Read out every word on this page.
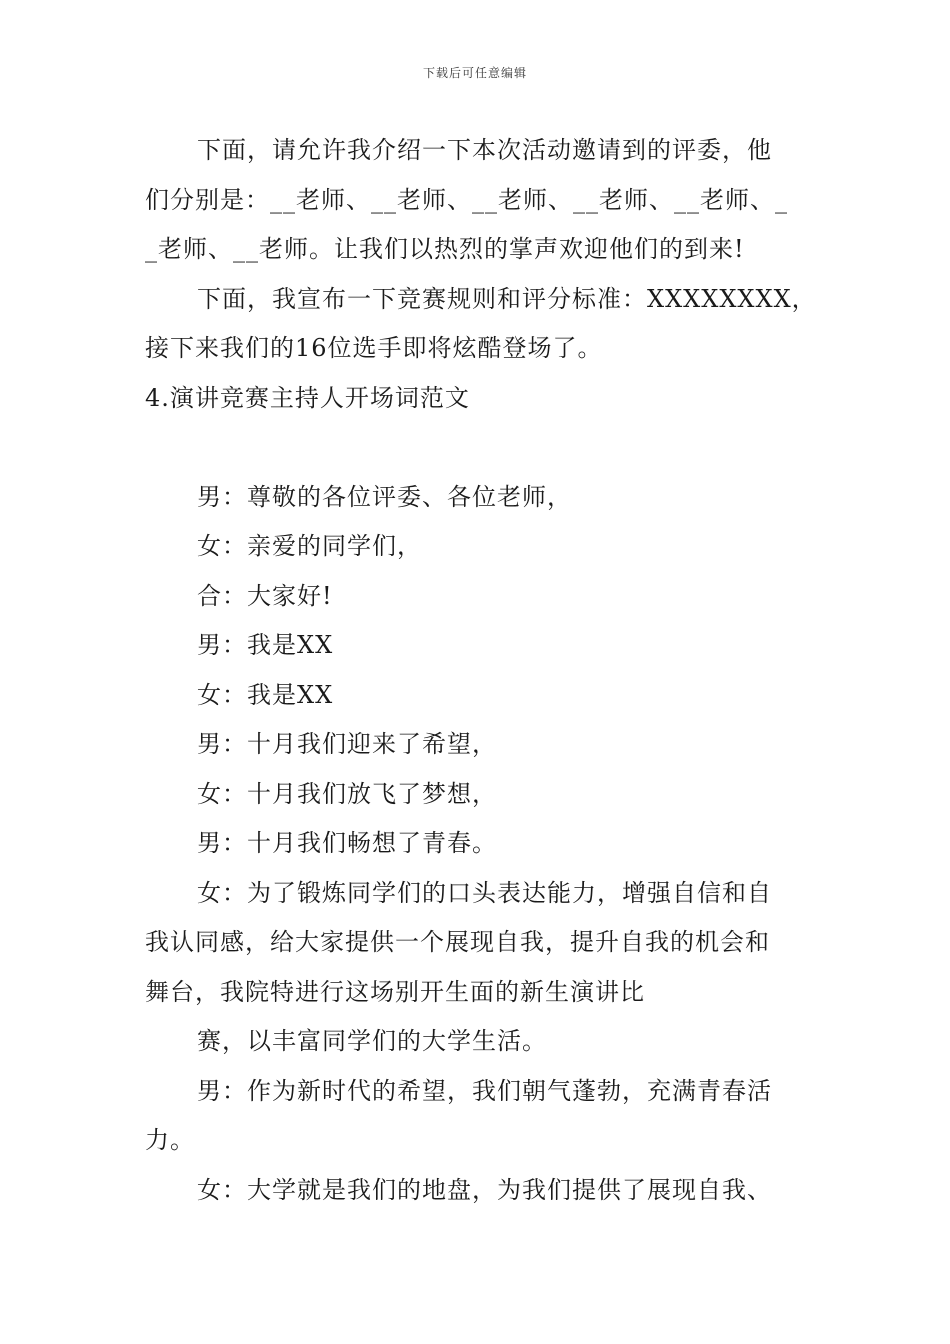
下载后可任意编辑

下面，请允许我介绍一下本次活动邀请到的评委，他

们分别是：__老师、__老师、__老师、__老师、__老师、_

_老师、__老师。让我们以热烈的掌声欢迎他们的到来!

下面，我宣布一下竞赛规则和评分标准：XXXXXXXX，

接下来我们的16位选手即将炫酷登场了。

4.演讲竞赛主持人开场词范文

男：尊敬的各位评委、各位老师，

女：亲爱的同学们，

合：大家好!

男：我是XX

女：我是XX

男：十月我们迎来了希望，

女：十月我们放飞了梦想，

男：十月我们畅想了青春。

女：为了锻炼同学们的口头表达能力，增强自信和自

我认同感，给大家提供一个展现自我，提升自我的机会和

舞台，我院特进行这场别开生面的新生演讲比

赛，以丰富同学们的大学生活。

男：作为新时代的希望，我们朝气蓬勃，充满青春活

力。

女：大学就是我们的地盘，为我们提供了展现自我、
